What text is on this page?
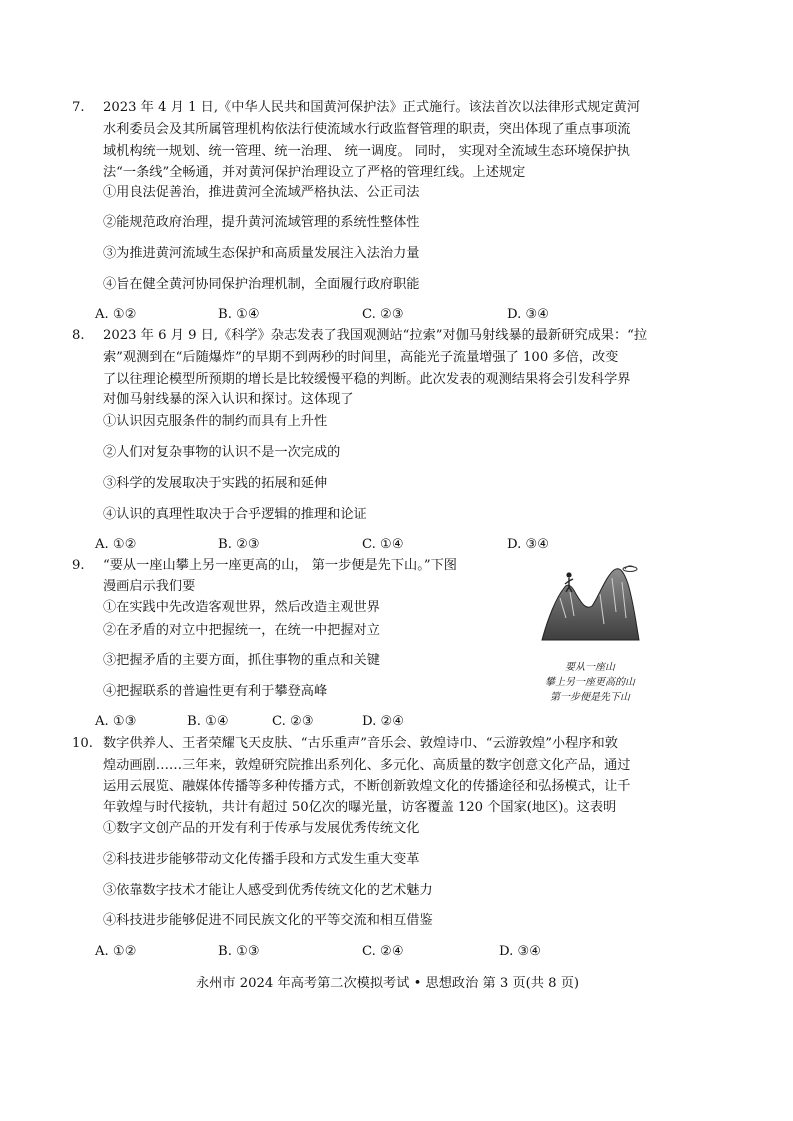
7. 2023 年 4 月 1 日,《中华人民共和国黄河保护法》正式施行。该法首次以法律形式规定黄河
水利委员会及其所属管理机构依法行使流域水行政监督管理的职责，突出体现了重点事项流
域机构统一规划、统一管理、统一治理、 统一调度。 同时， 实现对全流域生态环境保护执
法“一条线”全畅通，并对黄河保护治理设立了严格的管理红线。上述规定
①用良法促善治，推进黄河全流域严格执法、公正司法
②能规范政府治理，提升黄河流域管理的系统性整体性
③为推进黄河流域生态保护和高质量发展注入法治力量
④旨在健全黄河协同保护治理机制，全面履行政府职能
A. ①②	B. ①④	C. ②③	D. ③④
8. 2023 年 6 月 9 日,《科学》杂志发表了我国观测站“拉索”对伽马射线暴的最新研究成果：“拉
索”观测到在“后随爆炸”的早期不到两秒的时间里，高能光子流量增强了 100 多倍，改变
了以往理论模型所预期的增长是比较缓慢平稳的判断。此次发表的观测结果将会引发科学界
对伽马射线暴的深入认识和探讨。这体现了
①认识因克服条件的制约而具有上升性
②人们对复杂事物的认识不是一次完成的
③科学的发展取决于实践的拓展和延伸
④认识的真理性取决于合乎逻辑的推理和论证
A. ①②	B. ②③	C. ①④	D. ③④
9. “要从一座山攀上另一座更高的山， 第一步便是先下山。”下图
漫画启示我们要
①在实践中先改造客观世界，然后改造主观世界
②在矛盾的对立中把握统一，在统一中把握对立
③把握矛盾的主要方面，抓住事物的重点和关键
④把握联系的普遍性更有利于攀登高峰
A. ①③	B. ①④	C. ②③	D. ②④
要从一座山
攀上另一座更高的山
第一步便是先下山
10. 数字供养人、王者荣耀飞天皮肤、“古乐重声”音乐会、敦煌诗巾、“云游敦煌”小程序和敦
煌动画剧……三年来，敦煌研究院推出系列化、多元化、高质量的数字创意文化产品，通过
运用云展览、融媒体传播等多种传播方式，不断创新敦煌文化的传播途径和弘扬模式，让千
年敦煌与时代接轨，共计有超过 50亿次的曝光量，访客覆盖 120 个国家(地区)。这表明
①数字文创产品的开发有利于传承与发展优秀传统文化
②科技进步能够带动文化传播手段和方式发生重大变革
③依靠数字技术才能让人感受到优秀传统文化的艺术魅力
④科技进步能够促进不同民族文化的平等交流和相互借鉴
A. ①②	B. ①③	C. ②④	D. ③④
永州市 2024 年高考第二次模拟考试 • 思想政治 第 3 页(共 8 页)
